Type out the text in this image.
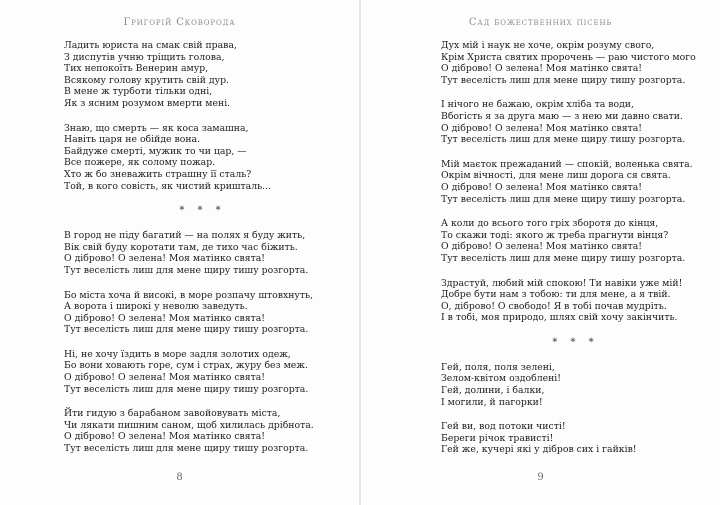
Григорій Сковорода
Ладить юриста на смак свій права,
З диспутів учню тріщить голова,
Тих непокоїть Венерин амур,
Всякому голову крутить свій дур.
В мене ж турботи тільки одні,
Як з ясним розумом вмерти мені.
Знаю, що смерть — як коса замашна,
Навіть царя не обійде вона.
Байдуже смерті, мужик то чи цар, —
Все пожере, як солому пожар.
Хто ж бо зневажить страшну її сталь?
Той, в кого совість, як чистий кришталь...
* * *
В город не піду багатий — на полях я буду жить,
Вік свій буду коротати там, де тихо час біжить.
О діброво! О зелена! Моя матінко свята!
Тут веселість лиш для мене щиру тишу розгорта.
Бо міста хоча й високі, в море розпачу штовхнуть,
А ворота і широкі у неволю заведуть.
О діброво! О зелена! Моя матінко свята!
Тут веселість лиш для мене щиру тишу розгорта.
Ні, не хочу їздить в море задля золотих одеж,
Бо вони ховають горе, сум і страх, журу без меж.
О діброво! О зелена! Моя матінко свята!
Тут веселість лиш для мене щиру тишу розгорта.
Йти гидую з барабаном завойовувать міста,
Чи лякати пишним саном, щоб хилилась дрібнота.
О діброво! О зелена! Моя матінко свята!
Тут веселість лиш для мене щиру тишу розгорта.
8
Сад божественних пісень
Дух мій і наук не хоче, окрім розуму свого,
Крім Христа святих пророчень — раю чистого мого
О діброво! О зелена! Моя матінко свята!
Тут веселість лиш для мене щиру тишу розгорта.
І нічого не бажаю, окрім хліба та води,
Вбогість я за друга маю — з нею ми давно свати.
О діброво! О зелена! Моя матінко свята!
Тут веселість лиш для мене щиру тишу розгорта.
Мій маєток прежаданий — спокій, воленька свята.
Окрім вічності, для мене лиш дорога ся свята.
О діброво! О зелена! Моя матінко свята!
Тут веселість лиш для мене щиру тишу розгорта.
А коли до всього того гріх зборотя до кінця,
То скажи тоді: якого ж треба прагнути вінця?
О діброво! О зелена! Моя матінко свята!
Тут веселість лиш для мене щиру тишу розгорта.
Здрастуй, любий мій спокою! Ти навіки уже мій!
Добре бути нам з тобою: ти для мене, а я твій.
О, діброво! О свободо! Я в тобі почав мудріть.
І в тобі, моя природо, шлях свій хочу закінчить.
* * *
Гей, поля, поля зелені,
Зелом-квітом оздоблені!
Гей, долини, і балки,
І могили, й пагорки!
Гей ви, вод потоки чисті!
Береги річок трависті!
Гей же, кучері які у дібров сих і гайків!
9
